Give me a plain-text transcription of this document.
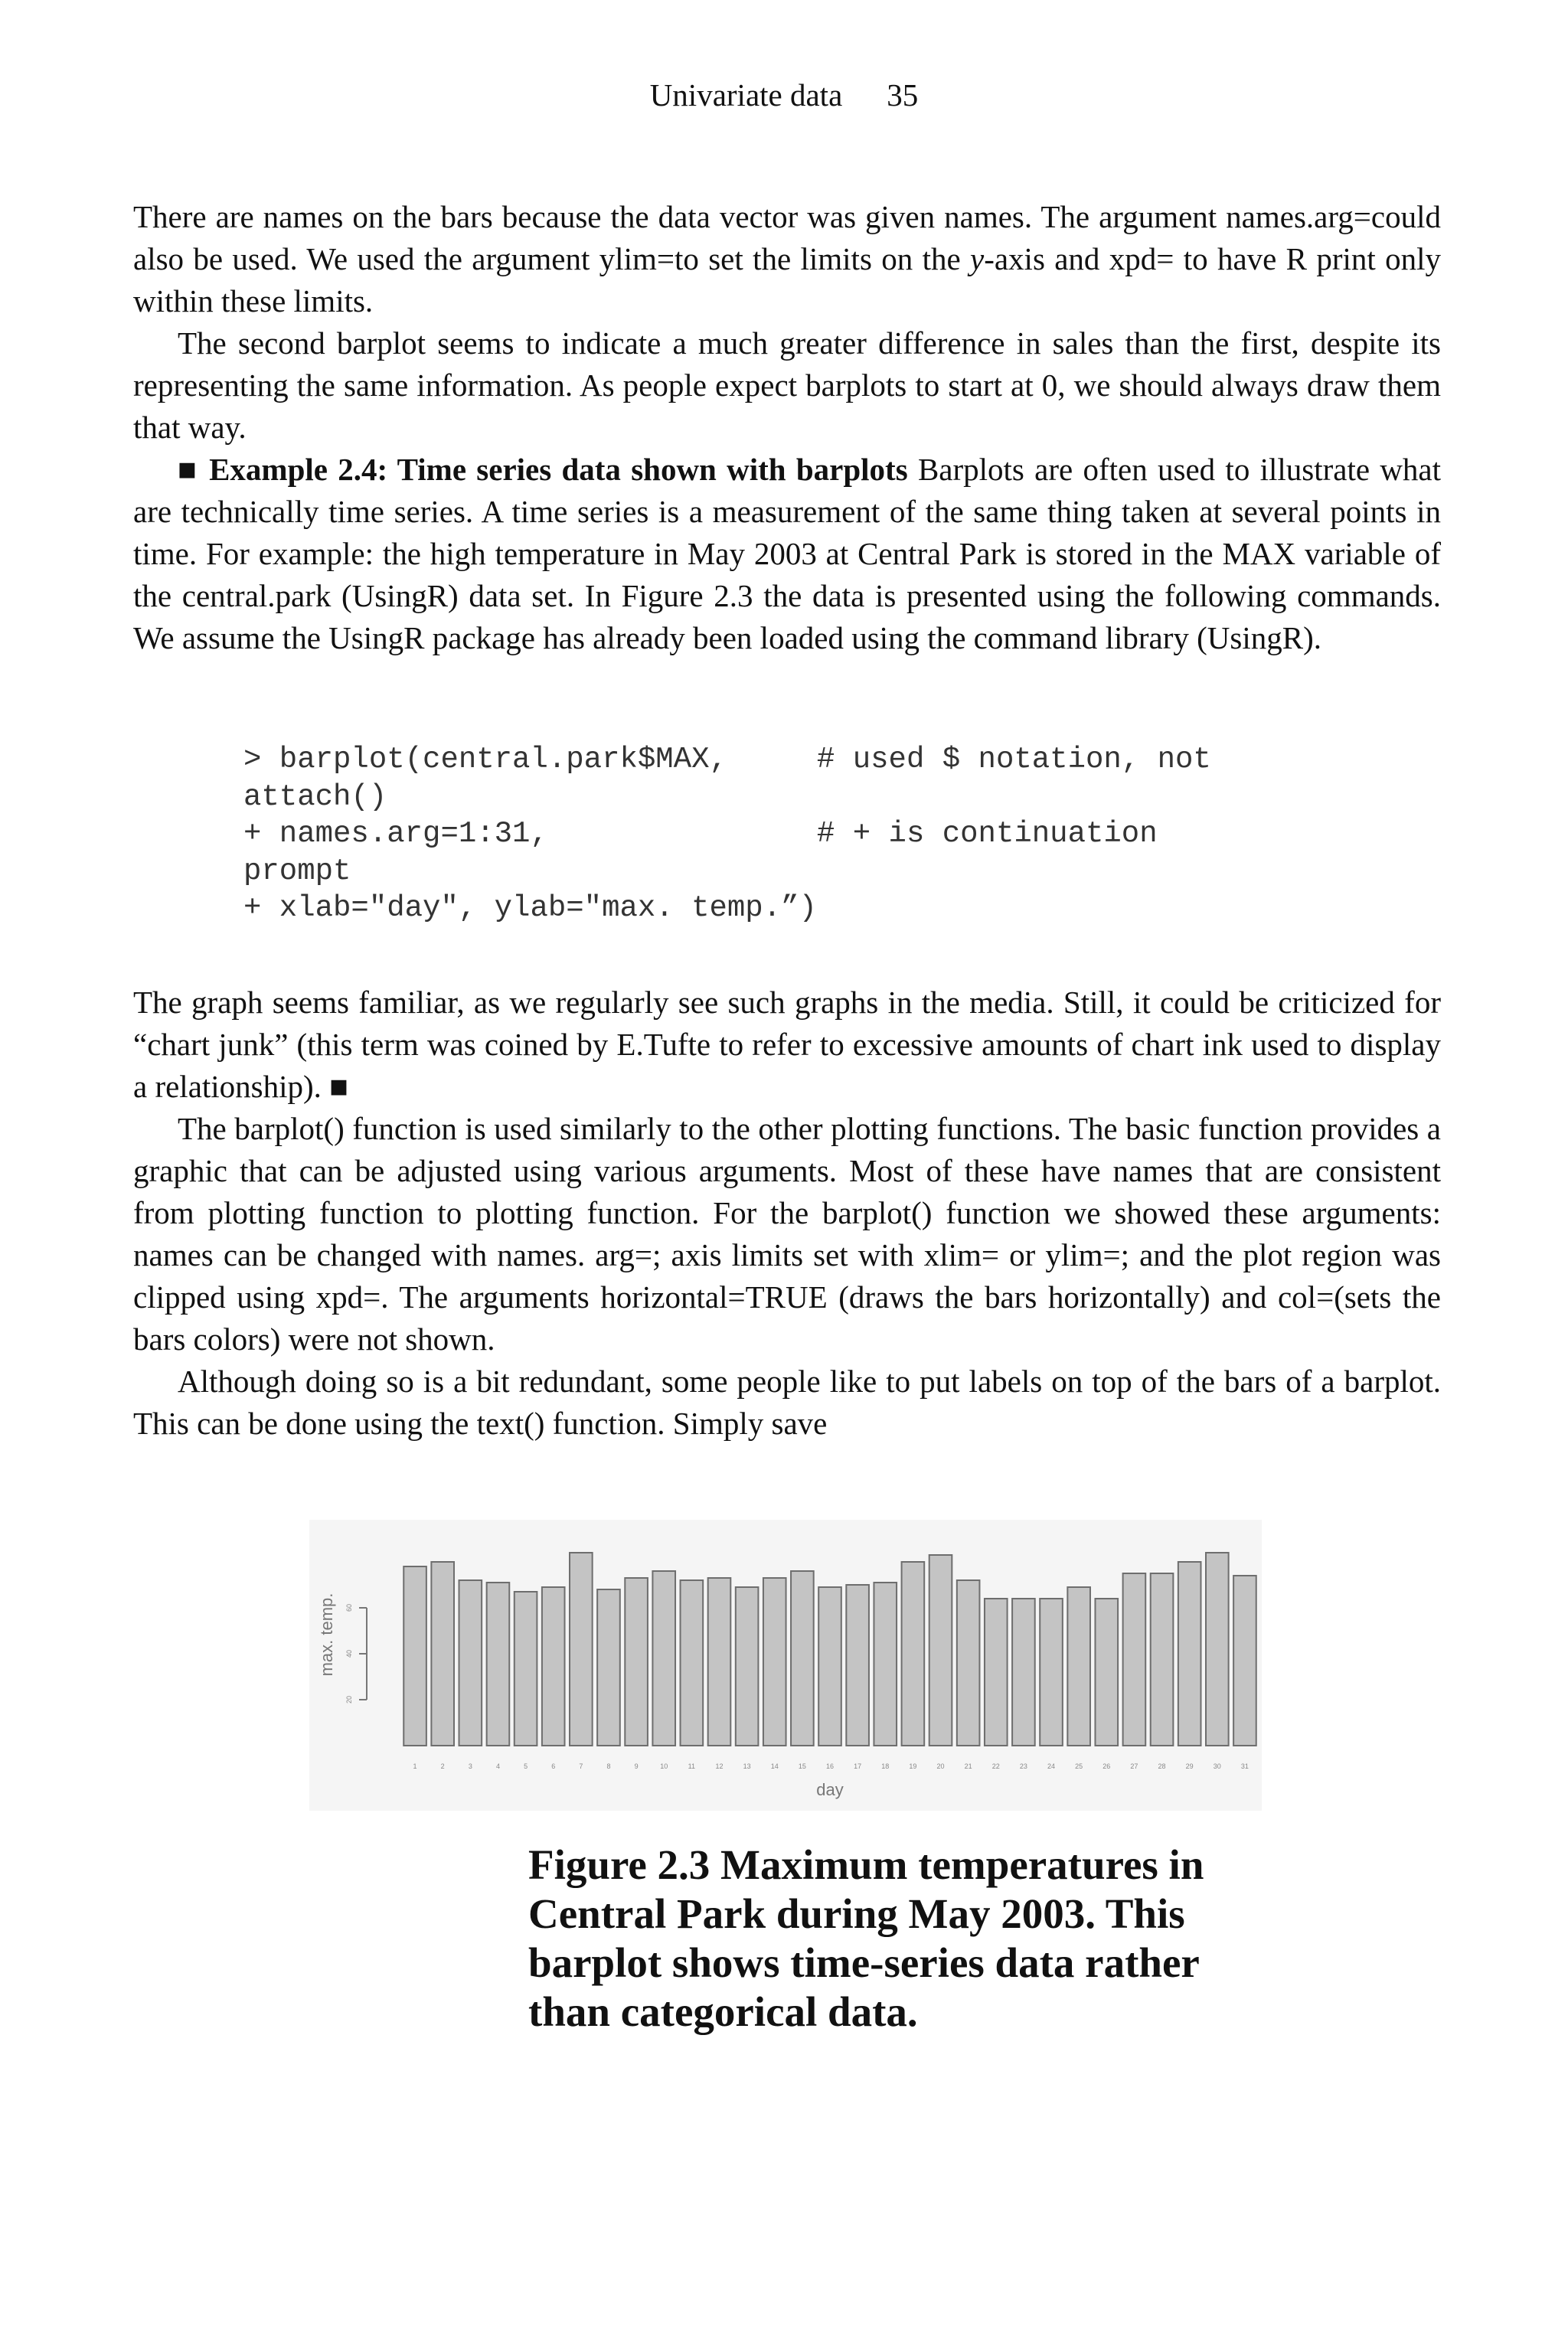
Univariate data 35

There are names on the bars because the data vector was given names. The argument names.arg=could also be used. We used the argument ylim=to set the limits on the y-axis and xpd= to have R print only within these limits.

The second barplot seems to indicate a much greater difference in sales than the first, despite its representing the same information. As people expect barplots to start at 0, we should always draw them that way.

■ Example 2.4: Time series data shown with barplots Barplots are often used to illustrate what are technically time series. A time series is a measurement of the same thing taken at several points in time. For example: the high temperature in May 2003 at Central Park is stored in the MAX variable of the central.park (UsingR) data set. In Figure 2.3 the data is presented using the following commands. We assume the UsingR package has already been loaded using the command library (UsingR).

> barplot(central.park$MAX,     # used $ notation, not
attach()
+ names.arg=1:31,               # + is continuation
prompt
+ xlab="day", ylab="max. temp.”)

The graph seems familiar, as we regularly see such graphs in the media. Still, it could be criticized for “chart junk” (this term was coined by E.Tufte to refer to excessive amounts of chart ink used to display a relationship). ■

The barplot() function is used similarly to the other plotting functions. The basic function provides a graphic that can be adjusted using various arguments. Most of these have names that are consistent from plotting function to plotting function. For the barplot() function we showed these arguments: names can be changed with names. arg=; axis limits set with xlim= or ylim=; and the plot region was clipped using xpd=. The arguments horizontal=TRUE (draws the bars horizontally) and col=(sets the bars colors) were not shown.

Although doing so is a bit redundant, some people like to put labels on top of the bars of a barplot. This can be done using the text() function. Simply save

20
40
60
max. temp.
1	2	3	4	5	6	7	8	9	10	11	12	13	14	15	16	17	18	19	20	21	22	23	24	25	26	27	28	29	30	31
day
Figure 2.3 Maximum temperatures in Central Park during May 2003. This barplot shows time-series data rather than categorical data.
